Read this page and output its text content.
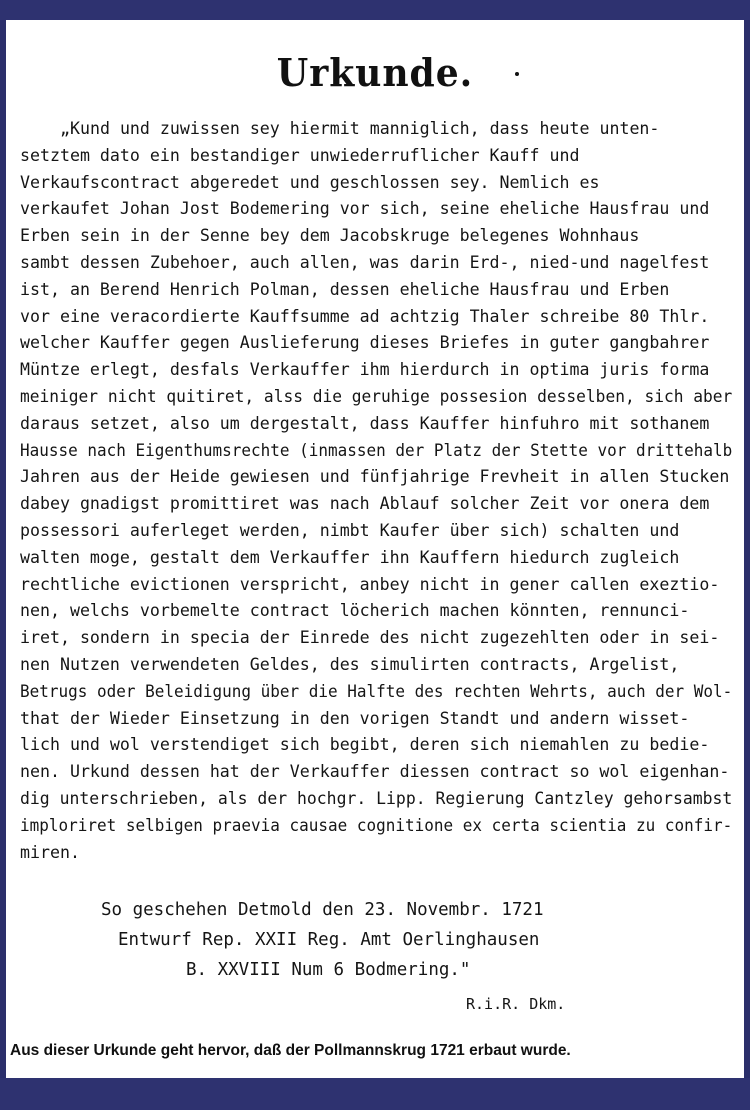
Urkunde.
„Kund und zuwissen sey hiermit manniglich, dass heute unten-
setztem dato ein bestandiger unwiederruflicher Kauff und
Verkaufscontract abgeredet und geschlossen sey. Nemlich es
verkaufet Johan Jost Bodemering vor sich, seine eheliche Hausfrau und
Erben sein in der Senne bey dem Jacobskruge belegenes Wohnhaus
sambt dessen Zubehoer, auch allen, was darin Erd-, nied-und nagelfest
ist, an Berend Henrich Polman, dessen eheliche Hausfrau und Erben
vor eine veracordierte Kauffsumme ad achtzig Thaler schreibe 80 Thlr.
welcher Kauffer gegen Auslieferung dieses Briefes in guter gangbahrer
Müntze erlegt, desfals Verkauffer ihm hierdurch in optima juris forma
meiniger nicht quitiret, alss die geruhige possesion desselben, sich aber
daraus setzet, also um dergestalt, dass Kauffer hinfuhro mit sothanem
Hausse nach Eigenthumsrechte (inmassen der Platz der Stette vor drittehalb
Jahren aus der Heide gewiesen und fünfjahrige Frevheit in allen Stucken
dabey gnadigst promittiret was nach Ablauf solcher Zeit vor onera dem
possessori auferleget werden, nimbt Kaufer über sich) schalten und
walten moge, gestalt dem Verkauffer ihn Kauffern hiedurch zugleich
rechtliche evictionen verspricht, anbey nicht in gener callen exeztio-
nen, welchs vorbemelte contract löcherich machen könnten, rennunci-
iret, sondern in specia der Einrede des nicht zugezehlten oder in sei-
nen Nutzen verwendeten Geldes, des simulirten contracts, Argelist,
Betrugs oder Beleidigung über die Halfte des rechten Wehrts, auch der Wol-
that der Wieder Einsetzung in den vorigen Standt und andern wisset-
lich und wol verstendiget sich begibt, deren sich niemahlen zu bedie-
nen. Urkund dessen hat der Verkauffer diessen contract so wol eigenhan-
dig unterschrieben, als der hochgr. Lipp. Regierung Cantzley gehorsambst
imploriret selbigen praevia causae cognitione ex certa scientia zu confir-
miren.
So geschehen Detmold den 23. Novembr. 1721
Entwurf Rep. XXII Reg. Amt Oerlinghausen
B. XXVIII Num 6 Bodmering."
R.i.R. Dkm.
Aus dieser Urkunde geht hervor, daß der Pollmannskrug 1721 erbaut wurde.
